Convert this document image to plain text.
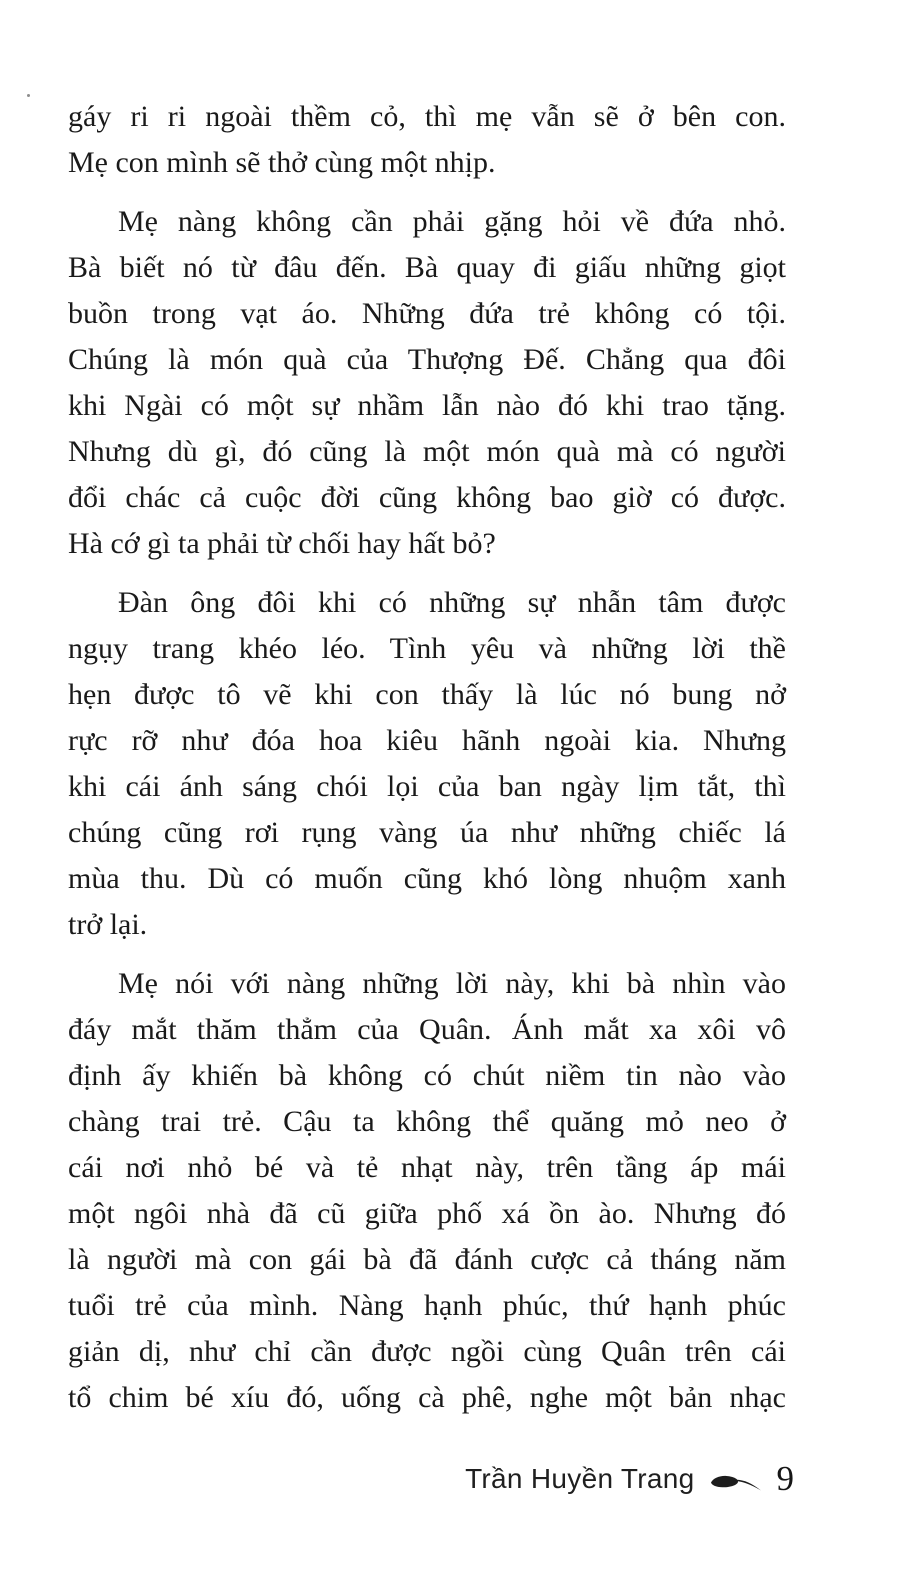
gáy ri ri ngoài thềm cỏ, thì mẹ vẫn sẽ ở bên con.
Mẹ con mình sẽ thở cùng một nhịp.
Mẹ nàng không cần phải gặng hỏi về đứa nhỏ.
Bà biết nó từ đâu đến. Bà quay đi giấu những giọt
buồn trong vạt áo. Những đứa trẻ không có tội.
Chúng là món quà của Thượng Đế. Chẳng qua đôi
khi Ngài có một sự nhầm lẫn nào đó khi trao tặng.
Nhưng dù gì, đó cũng là một món quà mà có người
đổi chác cả cuộc đời cũng không bao giờ có được.
Hà cớ gì ta phải từ chối hay hất bỏ?
Đàn ông đôi khi có những sự nhẫn tâm được
ngụy trang khéo léo. Tình yêu và những lời thề
hẹn được tô vẽ khi con thấy là lúc nó bung nở
rực rỡ như đóa hoa kiêu hãnh ngoài kia. Nhưng
khi cái ánh sáng chói lọi của ban ngày lịm tắt, thì
chúng cũng rơi rụng vàng úa như những chiếc lá
mùa thu. Dù có muốn cũng khó lòng nhuộm xanh
trở lại.
Mẹ nói với nàng những lời này, khi bà nhìn vào
đáy mắt thăm thẳm của Quân. Ánh mắt xa xôi vô
định ấy khiến bà không có chút niềm tin nào vào
chàng trai trẻ. Cậu ta không thể quăng mỏ neo ở
cái nơi nhỏ bé và tẻ nhạt này, trên tầng áp mái
một ngôi nhà đã cũ giữa phố xá ồn ào. Nhưng đó
là người mà con gái bà đã đánh cược cả tháng năm
tuổi trẻ của mình. Nàng hạnh phúc, thứ hạnh phúc
giản dị, như chỉ cần được ngồi cùng Quân trên cái
tổ chim bé xíu đó, uống cà phê, nghe một bản nhạc
Trần Huyền Trang 9
